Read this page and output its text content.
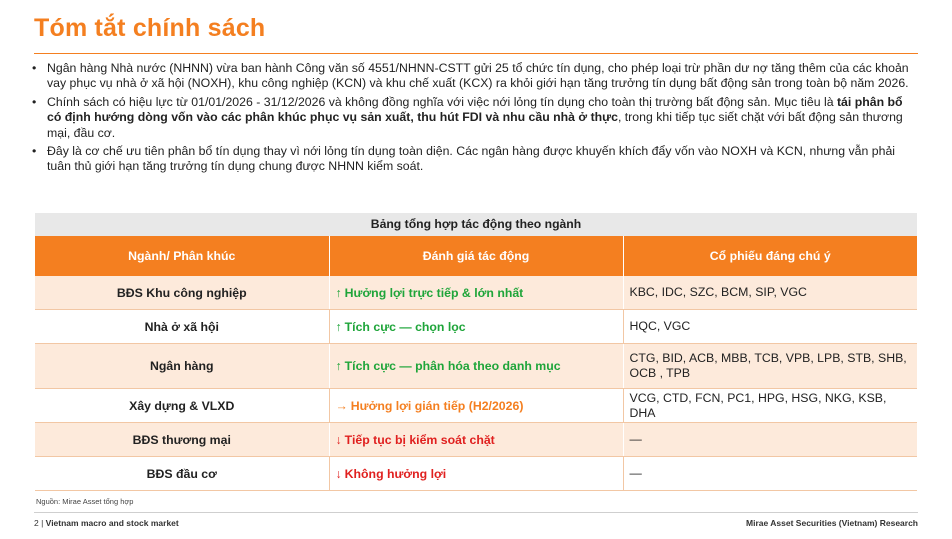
Tóm tắt chính sách
• Ngân hàng Nhà nước (NHNN) vừa ban hành Công văn số 4551/NHNN-CSTT gửi 25 tổ chức tín dụng, cho phép loại trừ phần dư nợ tăng thêm của các khoản vay phục vụ nhà ở xã hội (NOXH), khu công nghiệp (KCN) và khu chế xuất (KCX) ra khỏi giới hạn tăng trưởng tín dụng bất động sản trong toàn bộ năm 2026.
• Chính sách có hiệu lực từ 01/01/2026 - 31/12/2026 và không đồng nghĩa với việc nới lỏng tín dụng cho toàn thị trường bất động sản. Mục tiêu là tái phân bổ có định hướng dòng vốn vào các phân khúc phục vụ sản xuất, thu hút FDI và nhu cầu nhà ở thực, trong khi tiếp tục siết chặt với bất động sản thương mại, đầu cơ.
• Đây là cơ chế ưu tiên phân bổ tín dụng thay vì nới lỏng tín dụng toàn diện. Các ngân hàng được khuyến khích đẩy vốn vào NOXH và KCN, nhưng vẫn phải tuân thủ giới hạn tăng trưởng tín dụng chung được NHNN kiểm soát.
Bảng tổng hợp tác động theo ngành
Ngành/ Phân khúc	Đánh giá tác động	Cổ phiếu đáng chú ý
BĐS Khu công nghiệp	↑ Hưởng lợi trực tiếp & lớn nhất	KBC, IDC, SZC, BCM, SIP, VGC
Nhà ở xã hội	↑ Tích cực — chọn lọc	HQC, VGC
Ngân hàng	↑ Tích cực — phân hóa theo danh mục	CTG, BID, ACB, MBB, TCB, VPB, LPB, STB, SHB, OCB , TPB
Xây dựng & VLXD	→ Hưởng lợi gián tiếp (H2/2026)	VCG, CTD, FCN, PC1, HPG, HSG, NKG, KSB, DHA
BĐS thương mại	↓ Tiếp tục bị kiểm soát chặt	—
BĐS đầu cơ	↓ Không hưởng lợi	—
Nguồn: Mirae Asset tổng hợp
2 | Vietnam macro and stock market	Mirae Asset Securities (Vietnam) Research
